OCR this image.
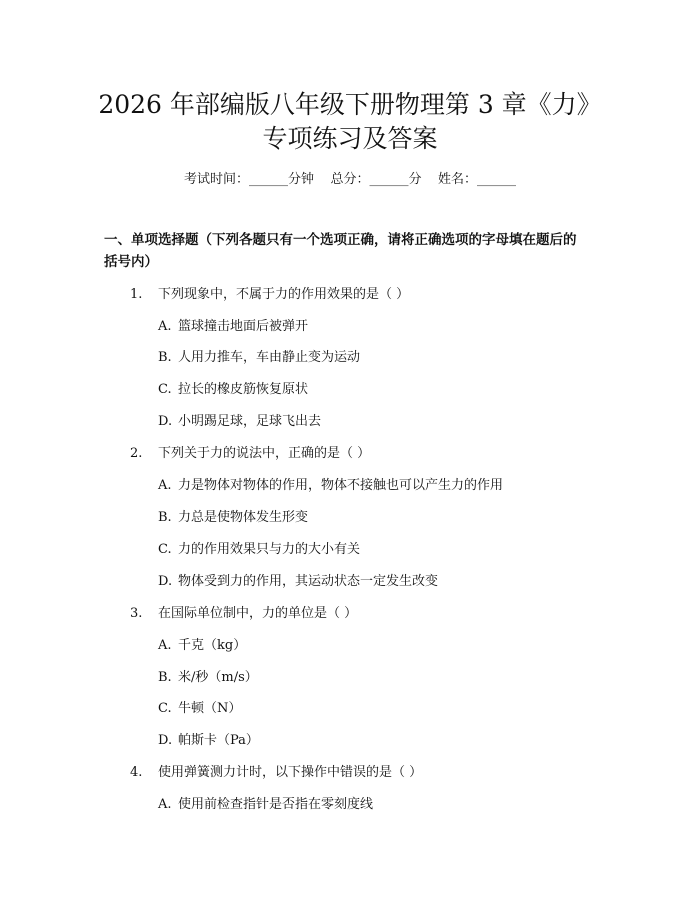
2026 年部编版八年级下册物理第 3 章《力》
专项练习及答案
考试时间：______分钟    总分：______分    姓名：______
一、单项选择题（下列各题只有一个选项正确，请将正确选项的字母填在题后的
括号内）
1. 下列现象中，不属于力的作用效果的是（ ）
A. 篮球撞击地面后被弹开
B. 人用力推车，车由静止变为运动
C. 拉长的橡皮筋恢复原状
D. 小明踢足球，足球飞出去
2. 下列关于力的说法中，正确的是（ ）
A. 力是物体对物体的作用，物体不接触也可以产生力的作用
B. 力总是使物体发生形变
C. 力的作用效果只与力的大小有关
D. 物体受到力的作用，其运动状态一定发生改变
3. 在国际单位制中，力的单位是（ ）
A. 千克（kg）
B. 米/秒（m/s）
C. 牛顿（N）
D. 帕斯卡（Pa）
4. 使用弹簧测力计时，以下操作中错误的是（ ）
A. 使用前检查指针是否指在零刻度线
